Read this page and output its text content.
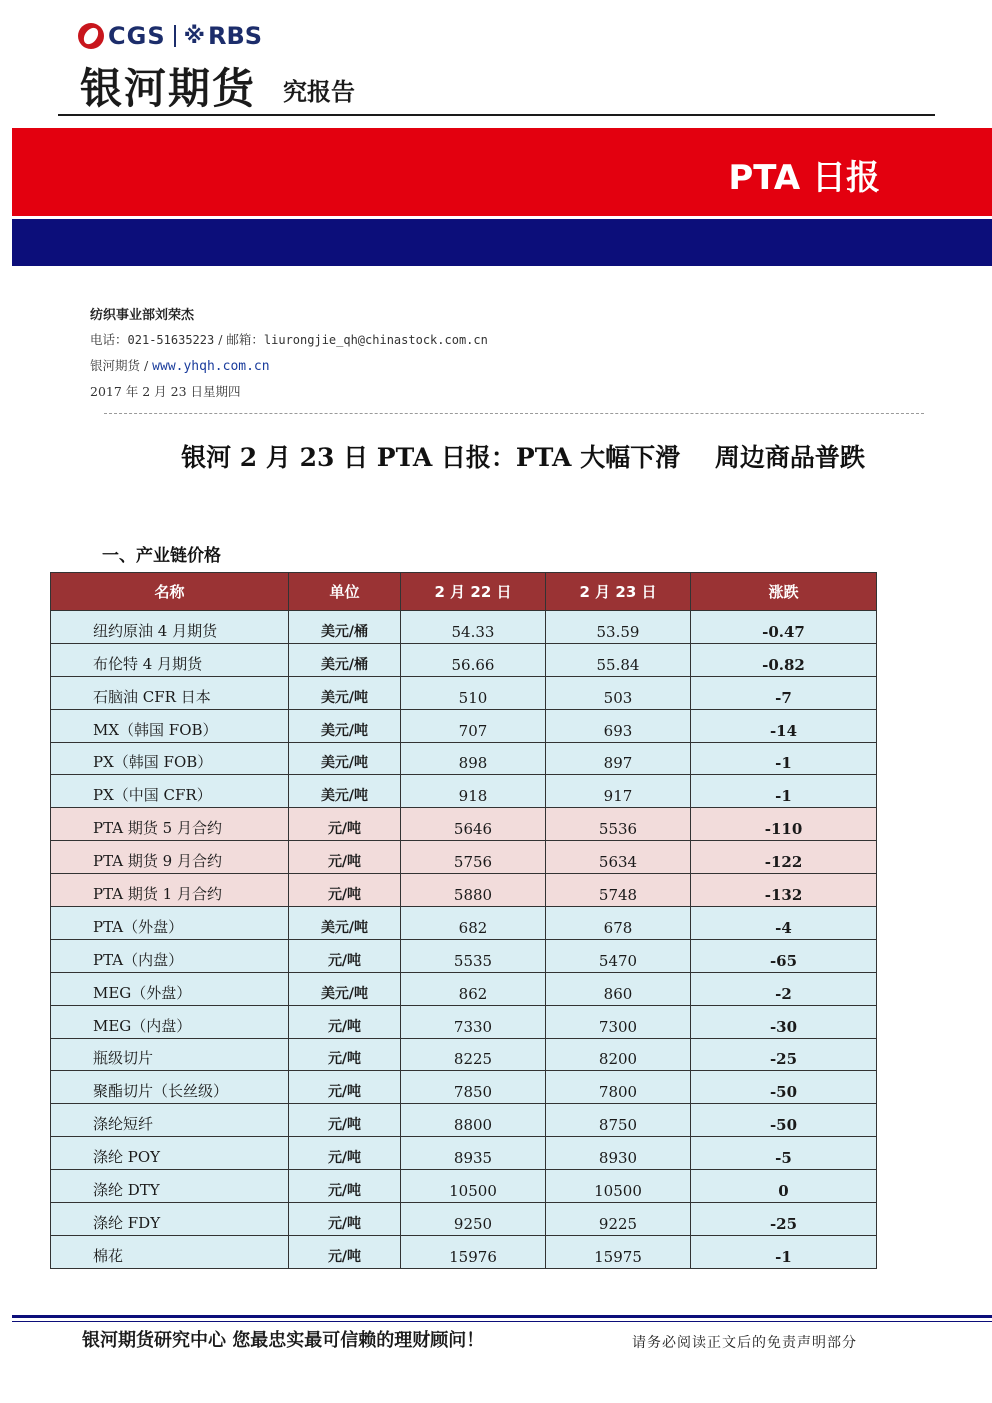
CGS ※ RBS
银河期货 究报告
PTA 日报
纺织事业部刘荣杰
电话：021-51635223 / 邮箱：liurongjie_qh@chinastock.com.cn
银河期货 / www.yhqh.com.cn
2017 年 2 月 23 日星期四
银河 2 月 23 日 PTA 日报：PTA 大幅下滑    周边商品普跌
一、产业链价格
名称	单位	2 月 22 日	2 月 23 日	涨跌
纽约原油 4 月期货	美元/桶	54.33	53.59	-0.47
布伦特 4 月期货	美元/桶	56.66	55.84	-0.82
石脑油 CFR 日本	美元/吨	510	503	-7
MX（韩国 FOB）	美元/吨	707	693	-14
PX（韩国 FOB）	美元/吨	898	897	-1
PX（中国 CFR）	美元/吨	918	917	-1
PTA 期货 5 月合约	元/吨	5646	5536	-110
PTA 期货 9 月合约	元/吨	5756	5634	-122
PTA 期货 1 月合约	元/吨	5880	5748	-132
PTA（外盘）	美元/吨	682	678	-4
PTA（内盘）	元/吨	5535	5470	-65
MEG（外盘）	美元/吨	862	860	-2
MEG（内盘）	元/吨	7330	7300	-30
瓶级切片	元/吨	8225	8200	-25
聚酯切片（长丝级）	元/吨	7850	7800	-50
涤纶短纤	元/吨	8800	8750	-50
涤纶 POY	元/吨	8935	8930	-5
涤纶 DTY	元/吨	10500	10500	0
涤纶 FDY	元/吨	9250	9225	-25
棉花	元/吨	15976	15975	-1
银河期货研究中心 您最忠实最可信赖的理财顾问！	请务必阅读正文后的免责声明部分
